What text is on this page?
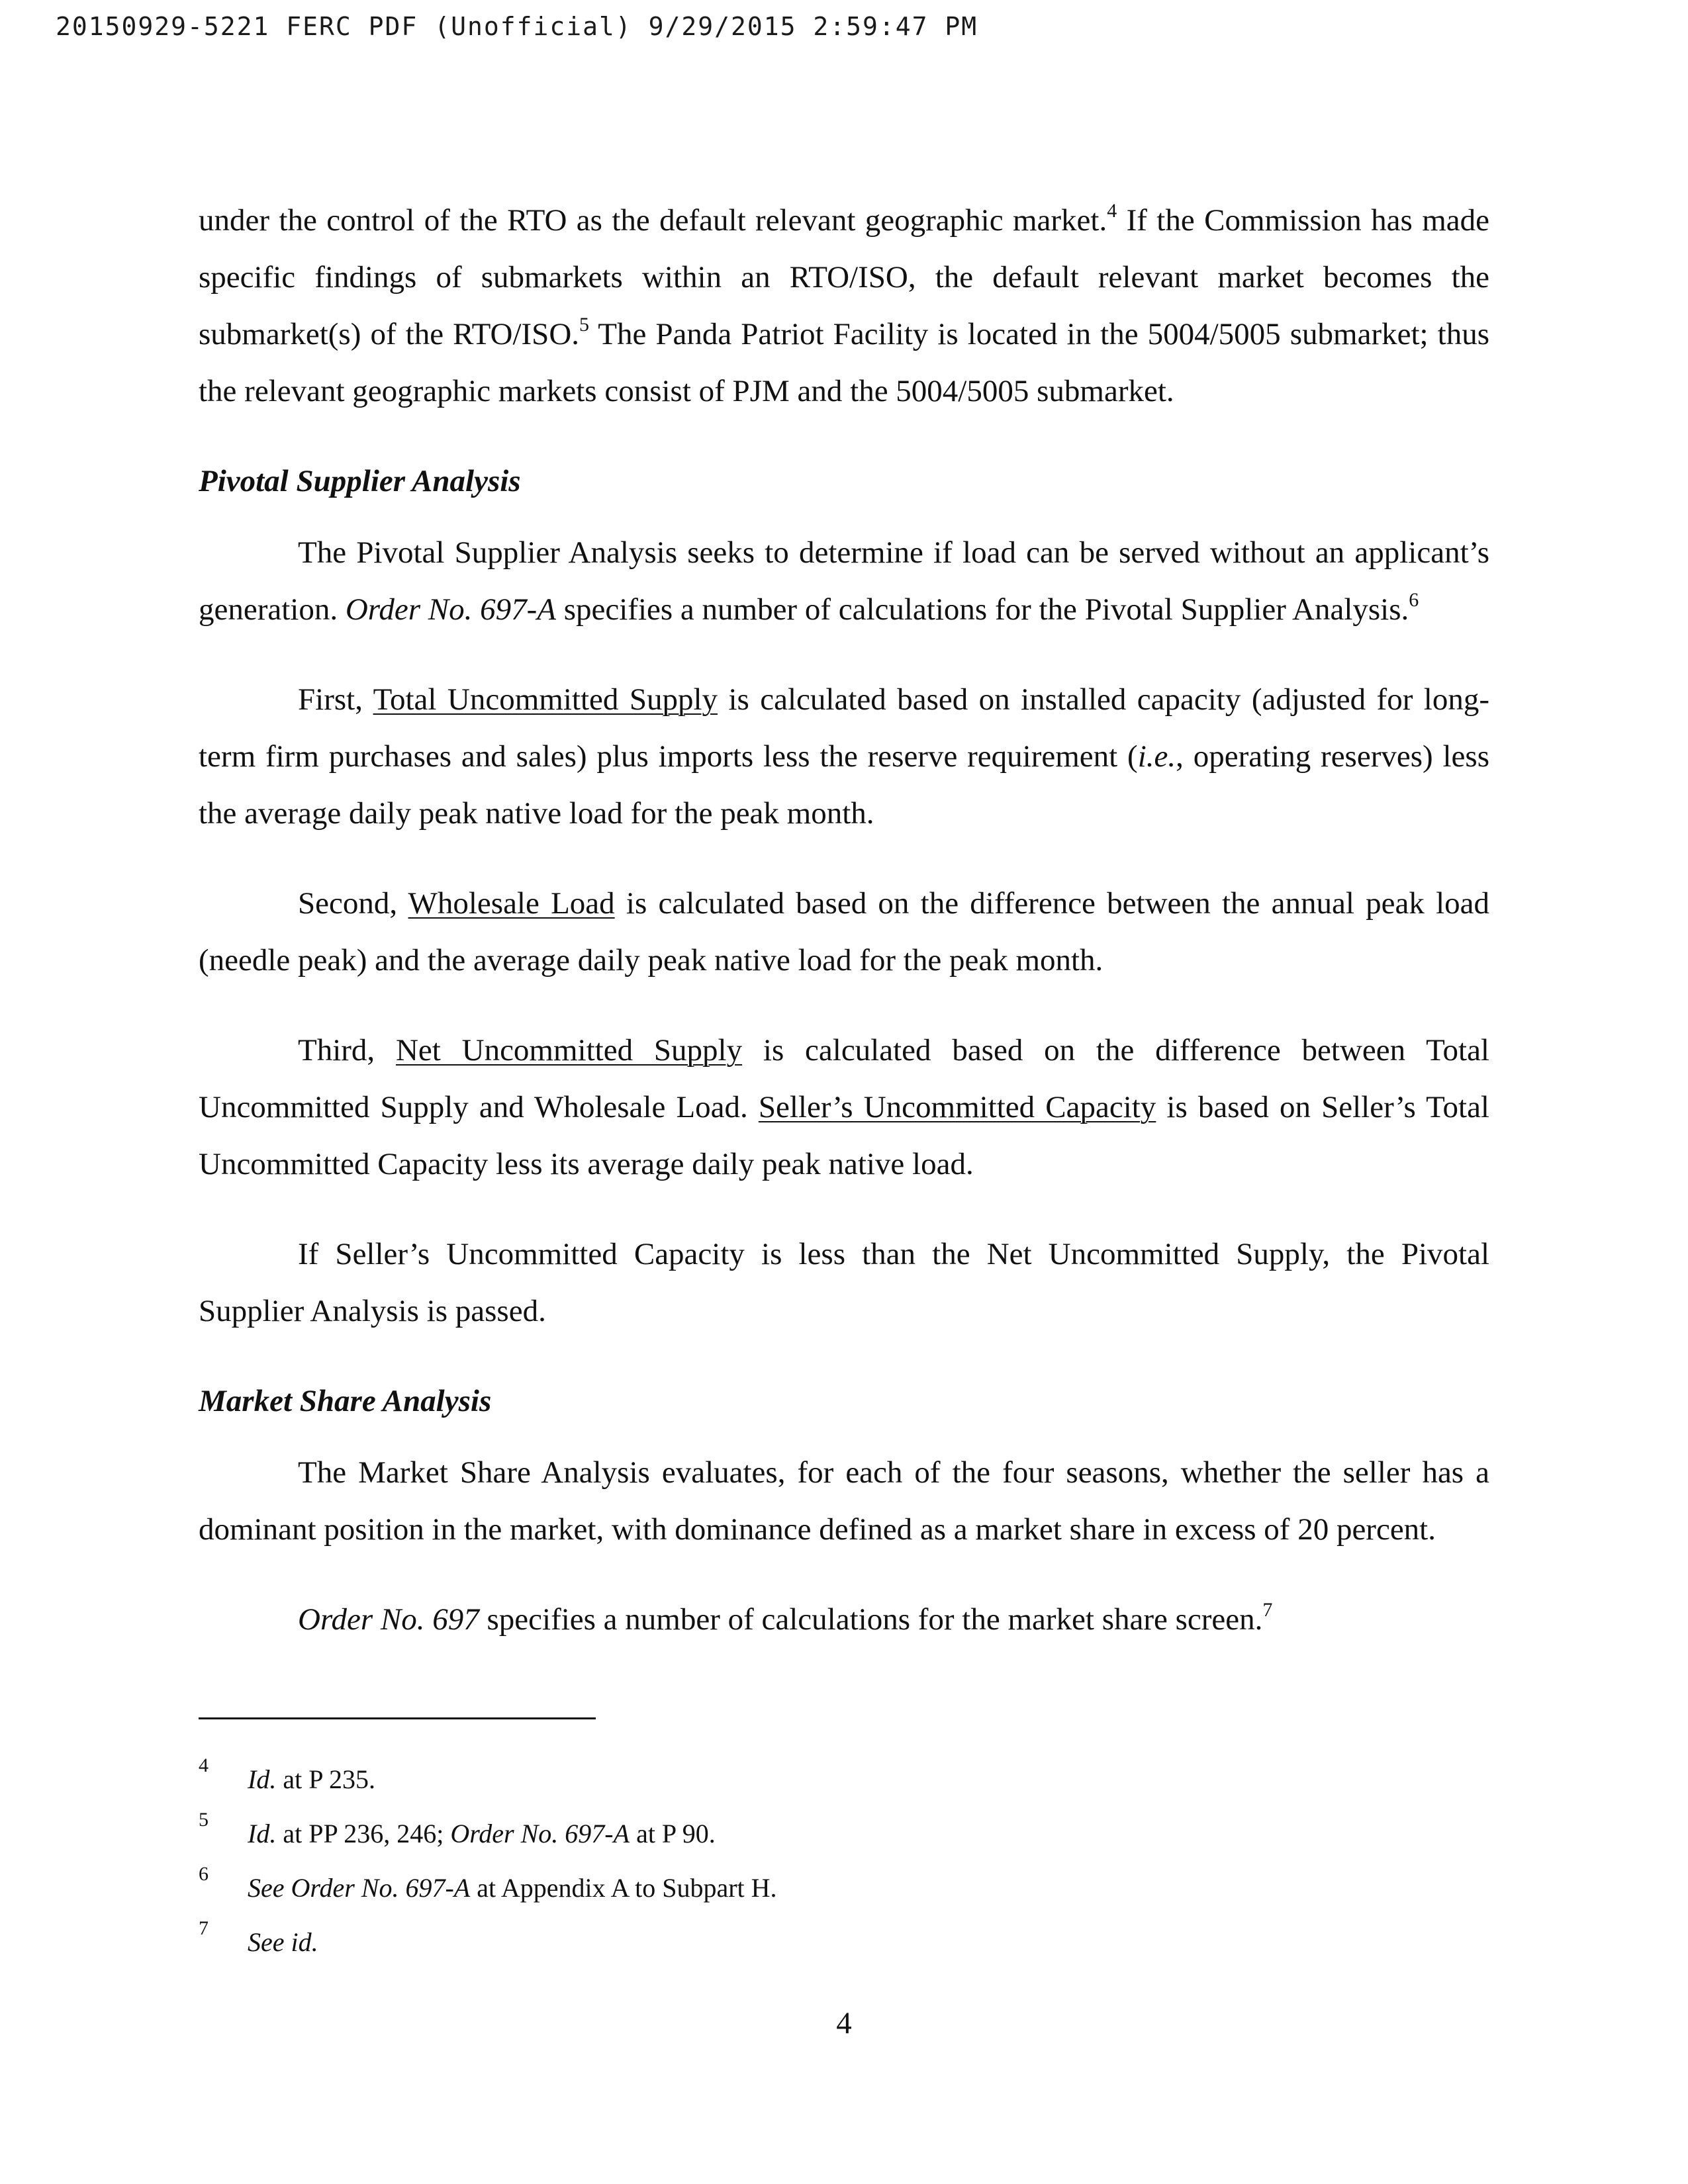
20150929-5221 FERC PDF (Unofficial) 9/29/2015 2:59:47 PM

under the control of the RTO as the default relevant geographic market.$^4$ If the Commission has made specific findings of submarkets within an RTO/ISO, the default relevant market becomes the submarket(s) of the RTO/ISO.$^5$ The Panda Patriot Facility is located in the 5004/5005 submarket; thus the relevant geographic markets consist of PJM and the 5004/5005 submarket.

Pivotal Supplier Analysis

The Pivotal Supplier Analysis seeks to determine if load can be served without an applicant’s generation. Order No. 697-A specifies a number of calculations for the Pivotal Supplier Analysis.$^6$

First, Total Uncommitted Supply is calculated based on installed capacity (adjusted for long-term firm purchases and sales) plus imports less the reserve requirement (i.e., operating reserves) less the average daily peak native load for the peak month.

Second, Wholesale Load is calculated based on the difference between the annual peak load (needle peak) and the average daily peak native load for the peak month.

Third, Net Uncommitted Supply is calculated based on the difference between Total Uncommitted Supply and Wholesale Load. Seller’s Uncommitted Capacity is based on Seller’s Total Uncommitted Capacity less its average daily peak native load.

If Seller’s Uncommitted Capacity is less than the Net Uncommitted Supply, the Pivotal Supplier Analysis is passed.

Market Share Analysis

The Market Share Analysis evaluates, for each of the four seasons, whether the seller has a dominant position in the market, with dominance defined as a market share in excess of 20 percent.

Order No. 697 specifies a number of calculations for the market share screen.$^7$

4 Id. at P 235.
5 Id. at PP 236, 246; Order No. 697-A at P 90.
6 See Order No. 697-A at Appendix A to Subpart H.
7 See id.
4
